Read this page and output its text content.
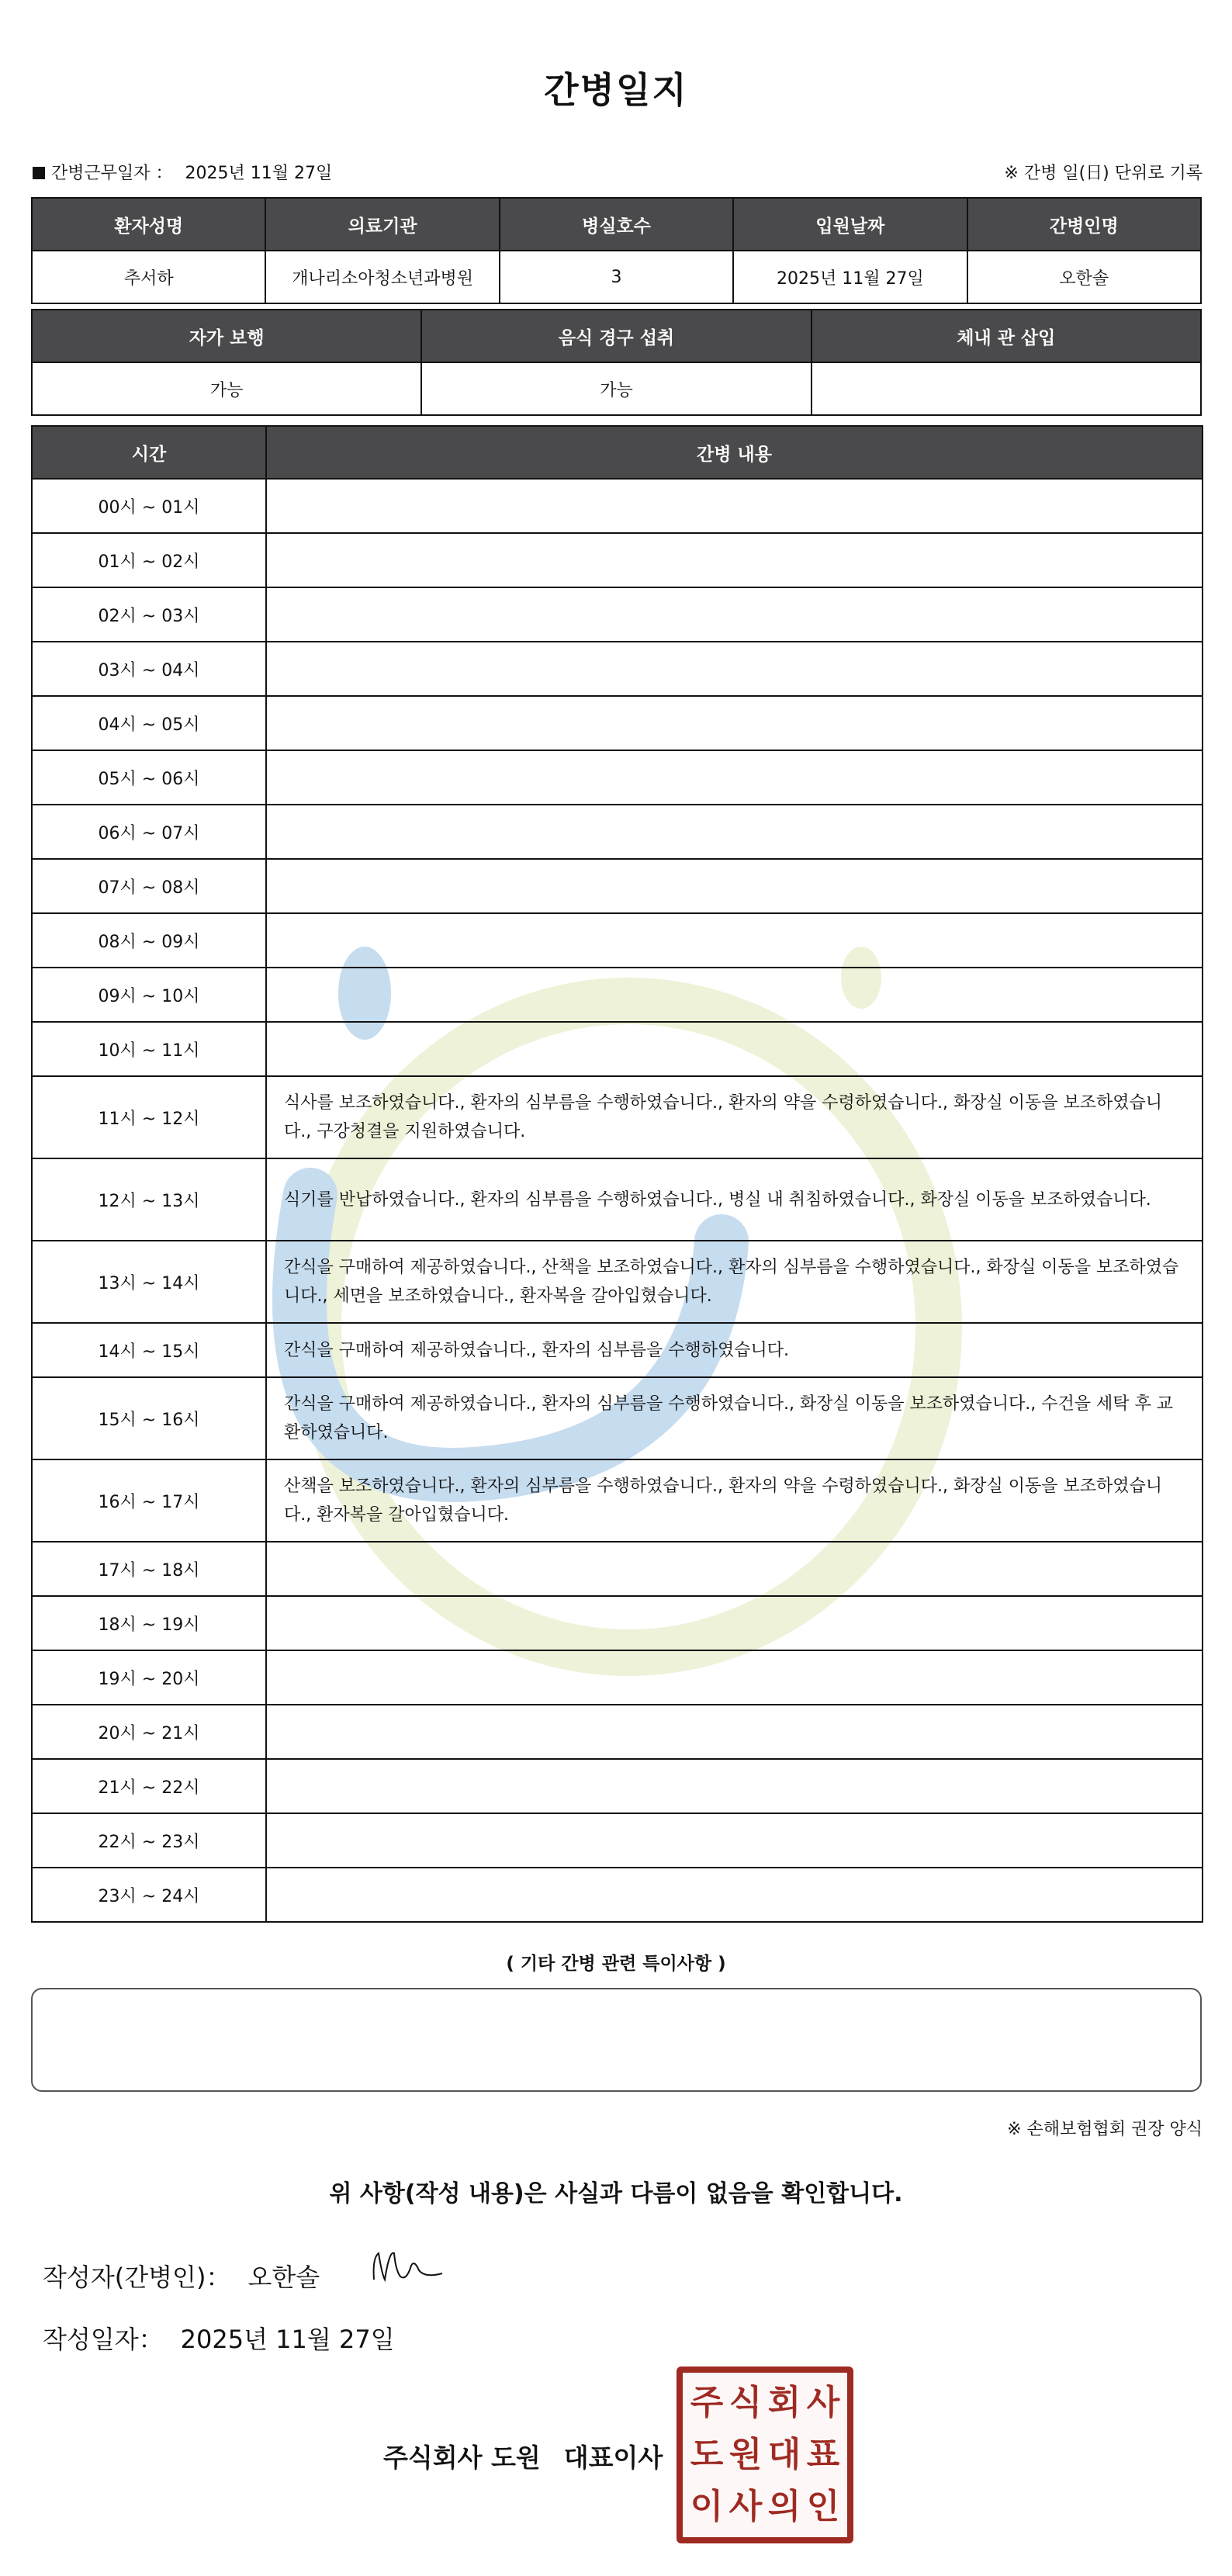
간병일지
간병근무일자 ： 2025년 11월 27일	※ 간병 일(日) 단위로 기록
환자성명	의료기관	병실호수	입원날짜	간병인명
추서하	개나리소아청소년과병원	3	2025년 11월 27일	오한솔
자가 보행	음식 경구 섭취	체내 관 삽입
가능	가능	
시간	간병 내용
00시 ~ 01시	
01시 ~ 02시	
02시 ~ 03시	
03시 ~ 04시	
04시 ~ 05시	
05시 ~ 06시	
06시 ~ 07시	
07시 ~ 08시	
08시 ~ 09시	
09시 ~ 10시	
10시 ~ 11시	
11시 ~ 12시	식사를 보조하였습니다., 환자의 심부름을 수행하였습니다., 환자의 약을 수령하였습니다., 화장실 이동을 보조하였습니다., 구강청결을 지원하였습니다.
12시 ~ 13시	식기를 반납하였습니다., 환자의 심부름을 수행하였습니다., 병실 내 취침하였습니다., 화장실 이동을 보조하였습니다.
13시 ~ 14시	간식을 구매하여 제공하였습니다., 산책을 보조하였습니다., 환자의 심부름을 수행하였습니다., 화장실 이동을 보조하였습니다., 세면을 보조하였습니다., 환자복을 갈아입혔습니다.
14시 ~ 15시	간식을 구매하여 제공하였습니다., 환자의 심부름을 수행하였습니다.
15시 ~ 16시	간식을 구매하여 제공하였습니다., 환자의 심부름을 수행하였습니다., 화장실 이동을 보조하였습니다., 수건을 세탁 후 교환하였습니다.
16시 ~ 17시	산책을 보조하였습니다., 환자의 심부름을 수행하였습니다., 환자의 약을 수령하였습니다., 화장실 이동을 보조하였습니다., 환자복을 갈아입혔습니다.
17시 ~ 18시	
18시 ~ 19시	
19시 ~ 20시	
20시 ~ 21시	
21시 ~ 22시	
22시 ~ 23시	
23시 ~ 24시	
( 기타 간병 관련 특이사항 )
※ 손해보험협회 권장 양식
위 사항(작성 내용)은 사실과 다름이 없음을 확인합니다.
작성자(간병인)： 오한솔
작성일자： 2025년 11월 27일
주식회사 도원 대표이사
주 식 회 사
도 원 대 표
이 사 의 인
